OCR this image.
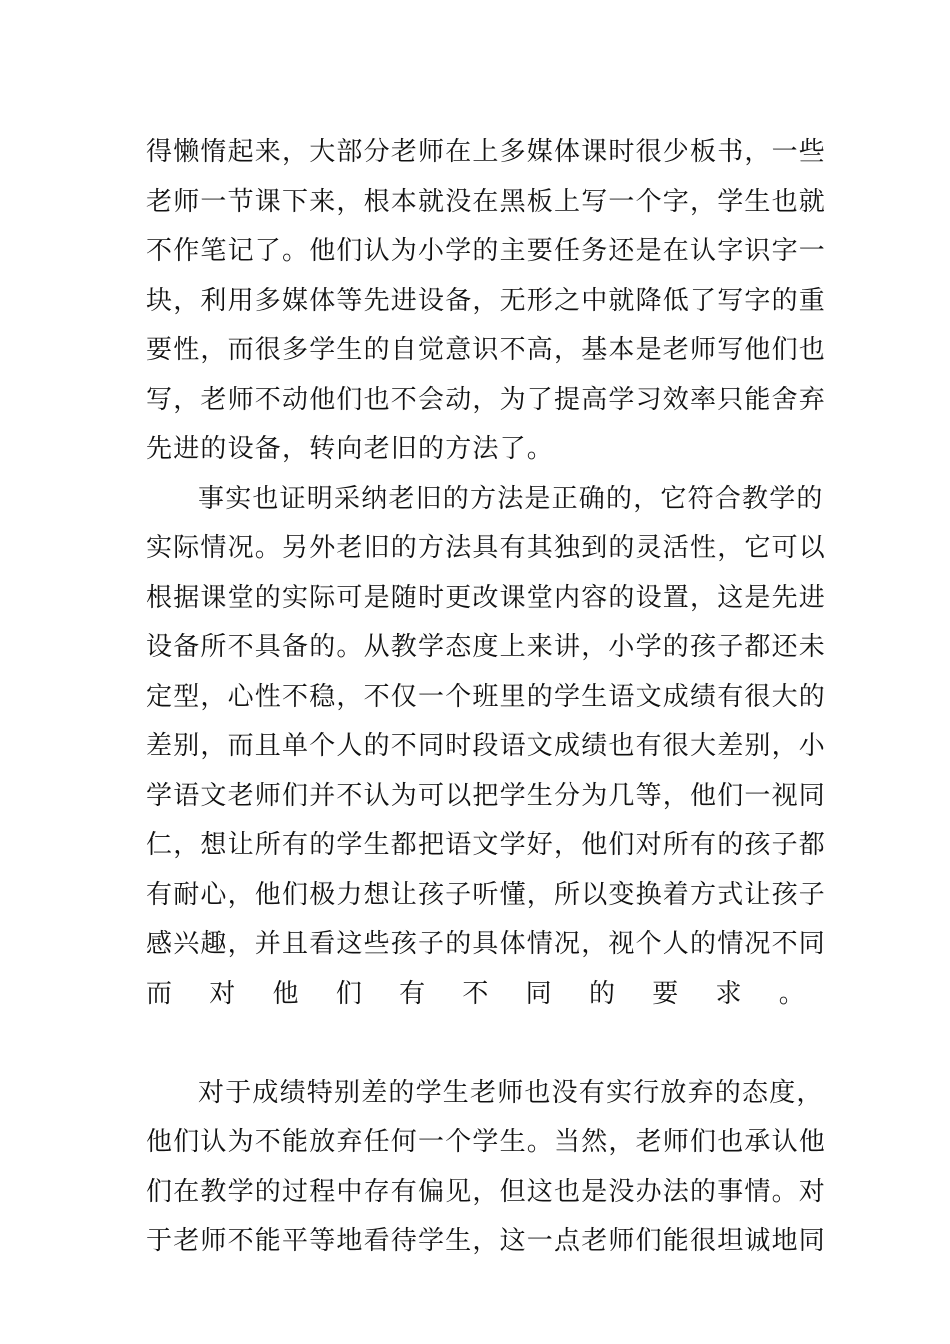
得懒惰起来，大部分老师在上多媒体课时很少板书，一些
老师一节课下来，根本就没在黑板上写一个字，学生也就
不作笔记了。他们认为小学的主要任务还是在认字识字一
块，利用多媒体等先进设备，无形之中就降低了写字的重
要性，而很多学生的自觉意识不高，基本是老师写他们也
写，老师不动他们也不会动，为了提高学习效率只能舍弃
先进的设备，转向老旧的方法了。
事实也证明采纳老旧的方法是正确的，它符合教学的
实际情况。另外老旧的方法具有其独到的灵活性，它可以
根据课堂的实际可是随时更改课堂内容的设置，这是先进
设备所不具备的。从教学态度上来讲，小学的孩子都还未
定型，心性不稳，不仅一个班里的学生语文成绩有很大的
差别，而且单个人的不同时段语文成绩也有很大差别，小
学语文老师们并不认为可以把学生分为几等，他们一视同
仁，想让所有的学生都把语文学好，他们对所有的孩子都
有耐心，他们极力想让孩子听懂，所以变换着方式让孩子
感兴趣，并且看这些孩子的具体情况，视个人的情况不同
而对他们有不同的要求。
对于成绩特别差的学生老师也没有实行放弃的态度，
他们认为不能放弃任何一个学生。当然，老师们也承认他
们在教学的过程中存有偏见，但这也是没办法的事情。对
于老师不能平等地看待学生，这一点老师们能很坦诚地同
